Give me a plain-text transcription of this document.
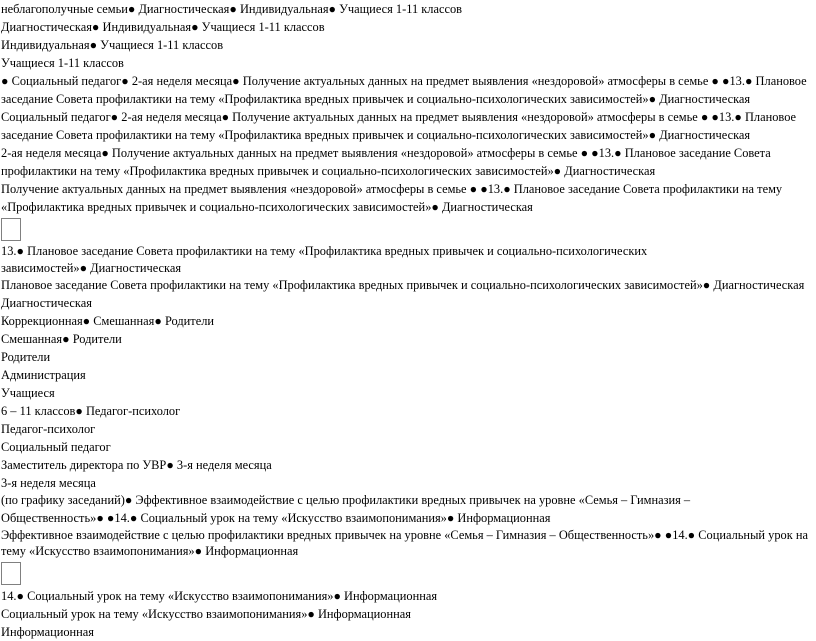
неблагополучные семьи● Диагностическая● Индивидуальная● Учащиеся 1-11 классов
Диагностическая● Индивидуальная● Учащиеся 1-11 классов
Индивидуальная● Учащиеся 1-11 классов
Учащиеся 1-11 классов
● Социальный педагог● 2-ая неделя месяца● Получение актуальных данных на предмет выявления «нездоровой» атмосферы в семье ● ●13.● Плановое
заседание Совета профилактики на тему «Профилактика вредных привычек и социально-психологических зависимостей»● Диагностическая
Социальный педагог● 2-ая неделя месяца● Получение актуальных данных на предмет выявления «нездоровой» атмосферы в семье ● ●13.● Плановое
заседание Совета профилактики на тему «Профилактика вредных привычек и социально-психологических зависимостей»● Диагностическая
2-ая неделя месяца● Получение актуальных данных на предмет выявления «нездоровой» атмосферы в семье ● ●13.● Плановое заседание Совета
профилактики на тему «Профилактика вредных привычек и социально-психологических зависимостей»● Диагностическая
Получение актуальных данных на предмет выявления «нездоровой» атмосферы в семье ● ●13.● Плановое заседание Совета профилактики на тему
«Профилактика вредных привычек и социально-психологических зависимостей»● Диагностическая
13.● Плановое заседание Совета профилактики на тему «Профилактика вредных привычек и социально-психологических
зависимостей»● Диагностическая
Плановое заседание Совета профилактики на тему «Профилактика вредных привычек и социально-психологических зависимостей»● Диагностическая
Диагностическая
Коррекционная● Смешанная● Родители
Смешанная● Родители
Родители
Администрация
Учащиеся
6 – 11 классов● Педагог-психолог
Педагог-психолог
Социальный педагог
Заместитель директора по УВР● 3-я неделя месяца
3-я неделя месяца
(по графику заседаний)● Эффективное взаимодействие с целью профилактики вредных привычек на уровне «Семья – Гимназия –
Общественность»● ●14.● Социальный урок на тему «Искусство взаимопонимания»● Информационная
Эффективное взаимодействие с целью профилактики вредных привычек на уровне «Семья – Гимназия – Общественность»● ●14.● Социальный урок на
тему «Искусство взаимопонимания»● Информационная
14.● Социальный урок на тему «Искусство взаимопонимания»● Информационная
Социальный урок на тему «Искусство взаимопонимания»● Информационная
Информационная
